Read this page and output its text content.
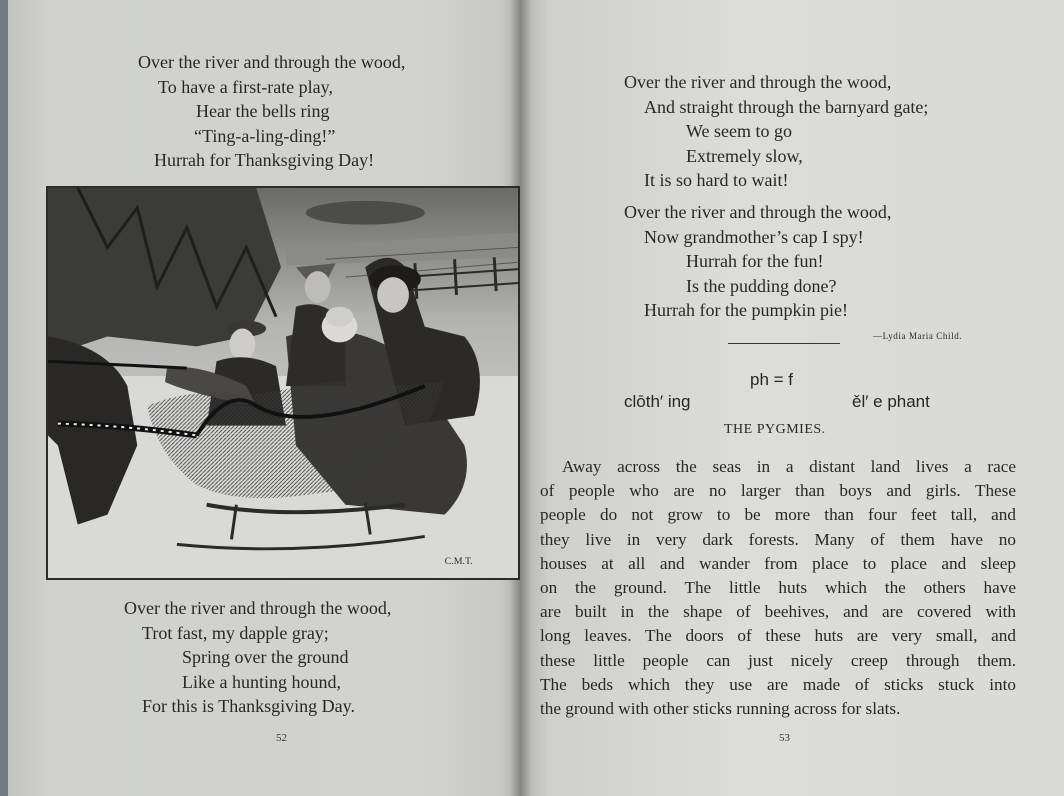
Over the river and through the wood,
To have a first-rate play,
Hear the bells ring
“Ting-a-ling-ding!”
Hurrah for Thanksgiving Day!
C.M.T.
Over the river and through the wood,
Trot fast, my dapple gray;
Spring over the ground
Like a hunting hound,
For this is Thanksgiving Day.
52
Over the river and through the wood,
And straight through the barnyard gate;
We seem to go
Extremely slow,
It is so hard to wait!
Over the river and through the wood,
Now grandmother’s cap I spy!
Hurrah for the fun!
Is the pudding done?
Hurrah for the pumpkin pie!
—Lydia Maria Child.
ph = f
clōth′ ing	ěl′ e phant
THE PYGMIES.
Away across the seas in a distant land lives a race
of people who are no larger than boys and girls. These
people do not grow to be more than four feet tall, and
they live in very dark forests. Many of them have no
houses at all and wander from place to place and sleep
on the ground. The little huts which the others have
are built in the shape of beehives, and are covered with
long leaves. The doors of these huts are very small, and
these little people can just nicely creep through them.
The beds which they use are made of sticks stuck into
the ground with other sticks running across for slats.
53
